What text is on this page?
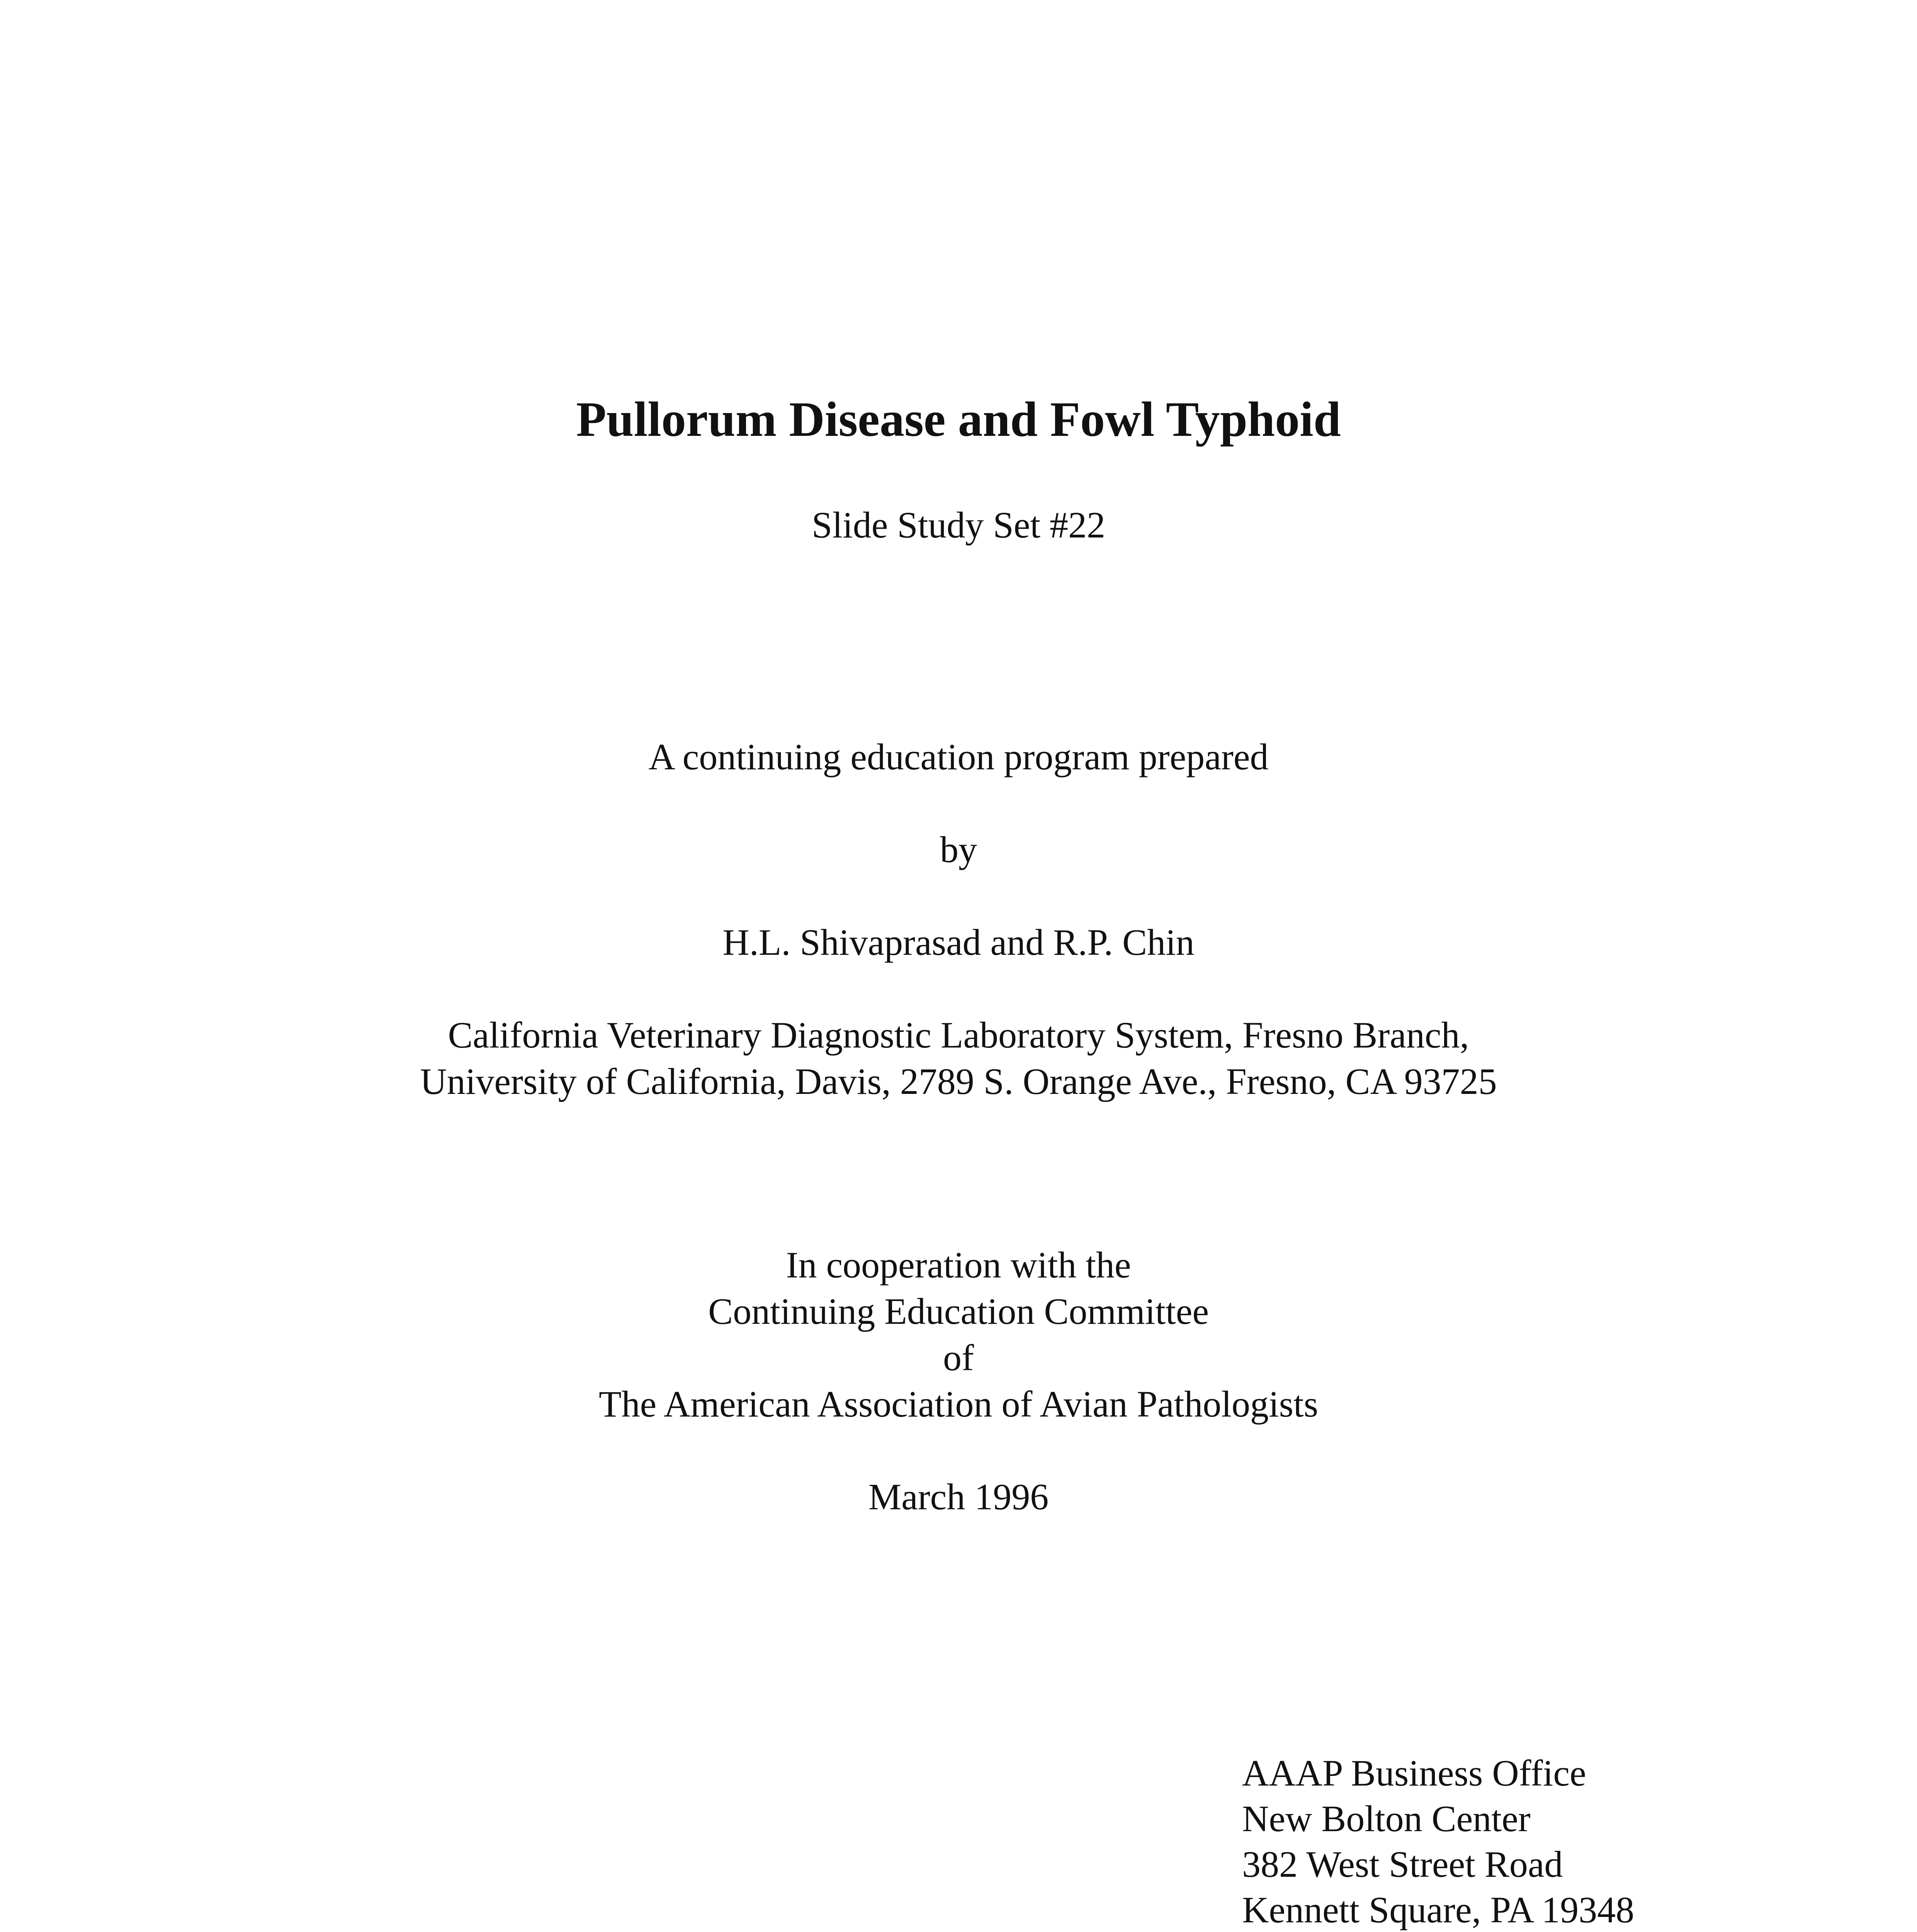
Pullorum Disease and Fowl Typhoid
Slide Study Set #22
A continuing education program prepared
by
H.L. Shivaprasad and R.P. Chin
California Veterinary Diagnostic Laboratory System, Fresno Branch,
University of California, Davis, 2789 S. Orange Ave., Fresno, CA 93725
In cooperation with the
Continuing Education Committee
of
The American Association of Avian Pathologists
March 1996
AAAP Business Office
New Bolton Center
382 West Street Road
Kennett Square, PA 19348
